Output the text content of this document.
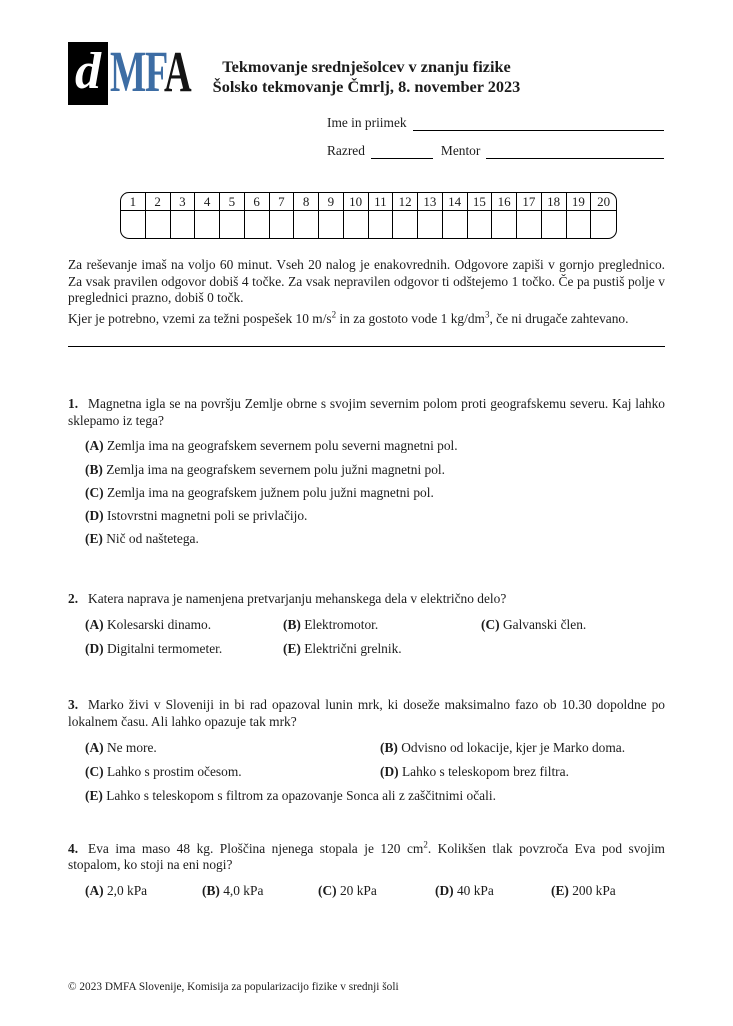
d MFA	Tekmovanje srednješolcev v znanju fizike
Šolsko tekmovanje Čmrlj, 8. november 2023
Ime in priimek
Razred	Mentor
1	2	3	4	5	6	7	8	9	10 11 12 13 14 15 16 17 18 19 20

Za reševanje imaš na voljo 60 minut. Vseh 20 nalog je enakovrednih. Odgovore zapiši v gornjo preglednico. Za vsak pravilen odgovor dobiš 4 točke. Za vsak nepravilen odgovor ti odštejemo 1 točko. Če pa pustiš polje v preglednici prazno, dobiš 0 točk.

Kjer je potrebno, vzemi za težni pospešek 10 $m/s^2$ in za gostoto vode 1 $kg/dm^3$, če ni drugače zahtevano.

1. Magnetna igla se na površju Zemlje obrne s svojim severnim polom proti geografskemu severu. Kaj lahko sklepamo iz tega?

(A) Zemlja ima na geografskem severnem polu severni magnetni pol.
(B) Zemlja ima na geografskem severnem polu južni magnetni pol.
(C) Zemlja ima na geografskem južnem polu južni magnetni pol.
(D) Istovrstni magnetni poli se privlačijo.
(E) Nič od naštetega.

2. Katera naprava je namenjena pretvarjanju mehanskega dela v električno delo?

(A) Kolesarski dinamo.	(B) Elektromotor.	(C) Galvanski člen.
(D) Digitalni termometer.	(E) Električni grelnik.

3. Marko živi v Sloveniji in bi rad opazoval lunin mrk, ki doseže maksimalno fazo ob 10.30 dopoldne po lokalnem času. Ali lahko opazuje tak mrk?

(A) Ne more.	(B) Odvisno od lokacije, kjer je Marko doma.
(C) Lahko s prostim očesom.	(D) Lahko s teleskopom brez filtra.
(E) Lahko s teleskopom s filtrom za opazovanje Sonca ali z zaščitnimi očali.

4. Eva ima maso 48 kg. Ploščina njenega stopala je 120 $cm^2$. Kolikšen tlak povzroča Eva pod svojim stopalom, ko stoji na eni nogi?

(A) 2,0 kPa	(B) 4,0 kPa	(C) 20 kPa	(D) 40 kPa	(E) 200 kPa
© 2023 DMFA Slovenije, Komisija za popularizacijo fizike v srednji šoli
